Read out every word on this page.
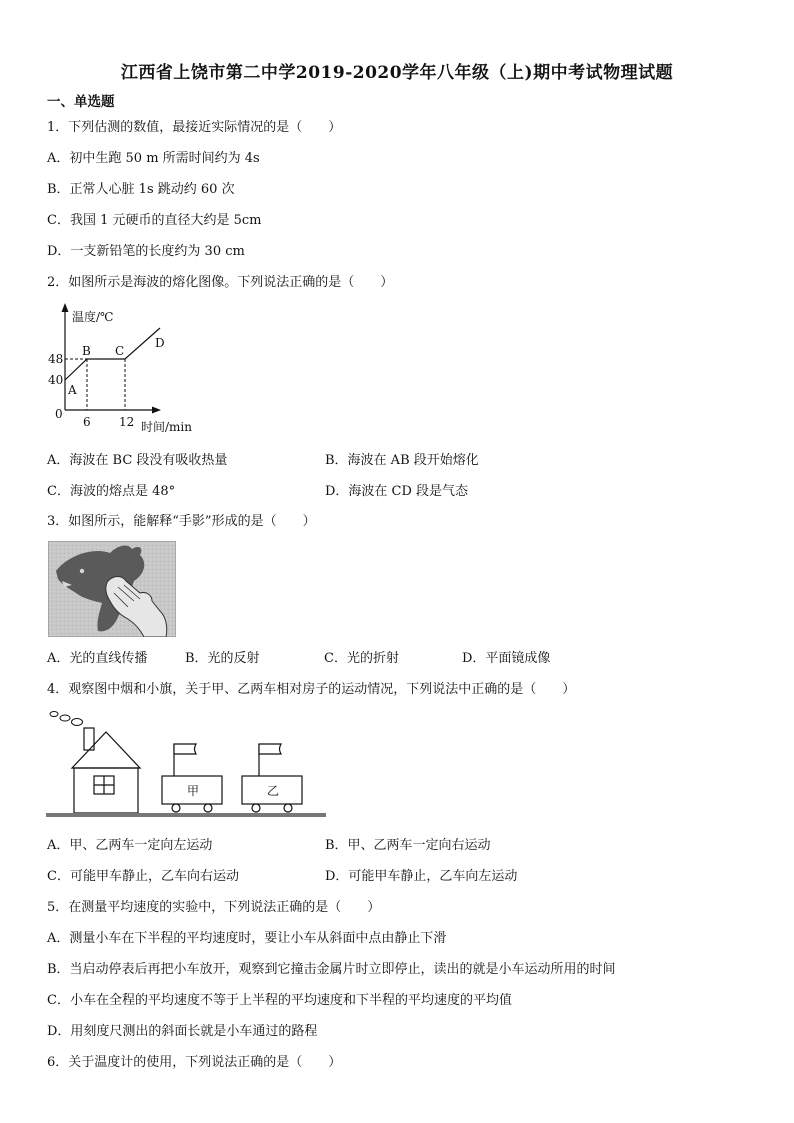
江西省上饶市第二中学2019-2020学年八年级（上)期中考试物理试题
一、单选题
1．下列估测的数值，最接近实际情况的是（　　）
A．初中生跑 50 m 所需时间约为 4s
B．正常人心脏 1s 跳动约 60 次
C．我国 1 元硬币的直径大约是 5cm
D．一支新铅笔的长度约为 30 cm
2．如图所示是海波的熔化图像。下列说法正确的是（　　）
温度/℃
时间/min
48
40
0
6 12
A
B C
D
A．海波在 BC 段没有吸收热量	B．海波在 AB 段开始熔化
C．海波的熔点是 48°	D．海波在 CD 段是气态
3．如图所示，能解释“手影”形成的是（　　）
A．光的直线传播	B．光的反射	C．光的折射	D．平面镜成像
4．观察图中烟和小旗，关于甲、乙两车相对房子的运动情况，下列说法中正确的是（　　）
甲	乙
A．甲、乙两车一定向左运动	B．甲、乙两车一定向右运动
C．可能甲车静止，乙车向右运动	D．可能甲车静止，乙车向左运动
5．在测量平均速度的实验中，下列说法正确的是（　　）
A．测量小车在下半程的平均速度时，要让小车从斜面中点由静止下滑
B．当启动停表后再把小车放开，观察到它撞击金属片时立即停止，读出的就是小车运动所用的时间
C．小车在全程的平均速度不等于上半程的平均速度和下半程的平均速度的平均值
D．用刻度尺测出的斜面长就是小车通过的路程
6．关于温度计的使用，下列说法正确的是（　　）
